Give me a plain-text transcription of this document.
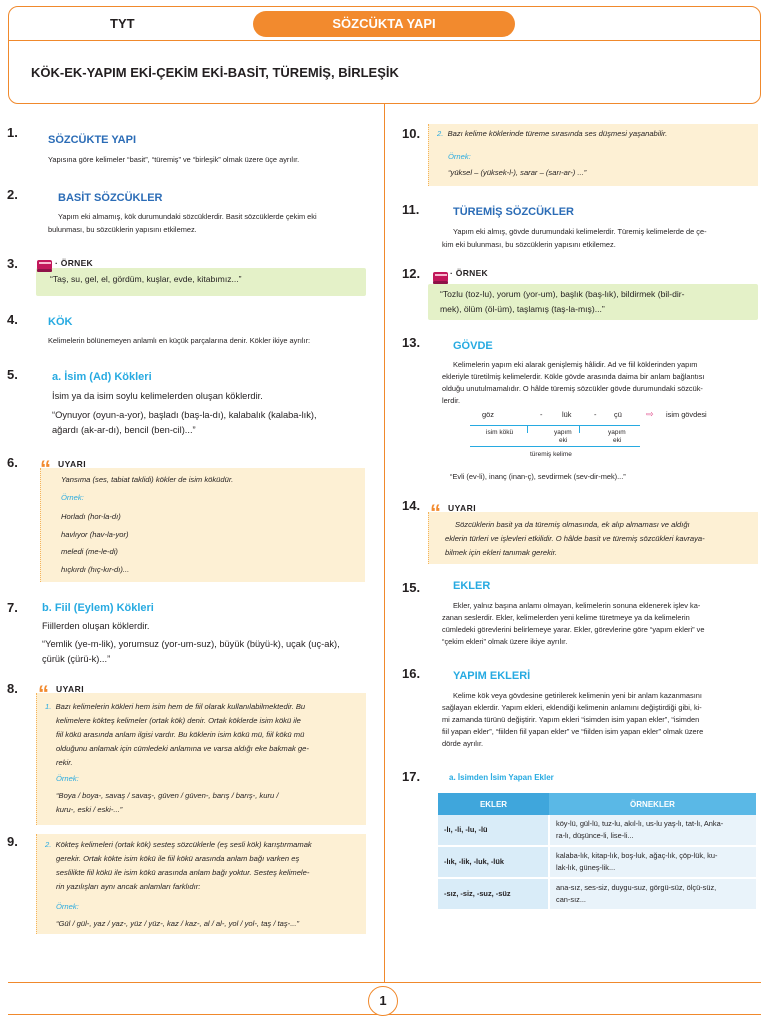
TYT	SÖZCÜKTA YAPI
KÖK-EK-YAPIM EKİ-ÇEKİM EKİ-BASİT, TÜREMİŞ, BİRLEŞİK
1.	SÖZCÜKTE YAPI
Yapısına göre kelimeler “basit”, “türemiş” ve “birleşik” olmak üzere üçe ayrılır.
2.	BASİT SÖZCÜKLER
Yapım eki almamış, kök durumundaki sözcüklerdir. Basit sözcüklerde çekim eki
bulunması, bu sözcüklerin yapısını etkilemez.
3.
“Taş, su, gel, el, gördüm, kuşlar, evde, kitabımız...”
· ÖRNEK
4.	KÖK
Kelimelerin bölünemeyen anlamlı en küçük parçalarına denir. Kökler ikiye ayrılır:
5.	a. İsim (Ad) Kökleri
İsim ya da isim soylu kelimelerden oluşan köklerdir.
“Oynuyor (oyun-a-yor), başladı (baş-la-dı), kalabalık (kalaba-lık),
ağardı (ak-ar-dı), bencil (ben-cil)...”
6.
Yansıma (ses, tabiat taklidi) kökler de isim köküdür.
Örnek:
Horladı (hor-la-dı)
havlıyor (hav-la-yor)
meledi (me-le-di)
hıçkırdı (hıç-kır-dı)...
“ UYARI
7. b. Fiil (Eylem) Kökleri
Fiillerden oluşan köklerdir.
“Yemlik (ye-m-lik), yorumsuz (yor-um-suz), büyük (büyü-k), uçak (uç-ak),
çürük (çürü-k)...”
8.
1. Bazı kelimelerin kökleri hem isim hem de fiil olarak kullanılabilmektedir. Bu
kelimelere kökteş kelimeler (ortak kök) denir. Ortak köklerde isim kökü ile
fiil kökü arasında anlam ilgisi vardır. Bu köklerin isim kökü mü, fiil kökü mü
olduğunu anlamak için cümledeki anlamına ve varsa aldığı eke bakmak ge-
rekir.
Örnek:
“Boya / boya-, savaş / savaş-, güven / güven-, barış / barış-, kuru /
kuru-, eski / eski-...”
“ UYARI
9.	2. Köktеş kelimeleri (ortak kök) sesteş sözcüklerle (eş sesli kök) karıştırmamak
gerekir. Ortak kökte isim kökü ile fiil kökü arasında anlam bağı varken eş
seslilikte fiil kökü ile isim kökü arasında anlam bağı yoktur. Sesteş kelimele-
rin yazılışları aynı ancak anlamları farklıdır:
Örnek:
“Gül / gül-, yaz / yaz-, yüz / yüz-, kaz / kaz-, al / al-, yol / yol-, taş / taş-...”
10. 2. Bazı kelime köklerinde türeme sırasında ses düşmesi yaşanabilir.
Örnek:
“yüksel – (yüksek-l-), sarar – (sarı-ar-) ...”
11.	TÜREMİŞ SÖZCÜKLER
Yapım eki almış, gövde durumundaki kelimelerdir. Türemiş kelimelerde de çe-
kim eki bulunması, bu sözcüklerin yapısını etkilemez.
12.
“Tozlu (toz-lu), yorum (yor-um), başlık (baş-lık), bildirmek (bil-dir-
mek), ölüm (öl-üm), taşlamış (taş-la-mış)...”
· ÖRNEK
13.	GÖVDE
Kelimelerin yapım eki alarak genişlemiş hâlidir. Ad ve fiil köklerinden yapım
ekleriyle türetilmiş kelimelerdir. Kökle gövde arasında daima bir anlam bağlantısı
olduğu unutulmamalıdır. O hâlde türemiş sözcükler gövde durumundaki sözcük-
lerdir.
göz	-	lük	- çü	⇨ isim gövdesi
isim kökü	yapım
eki
yapım
eki
türemiş kelime
“Evli (ev-li), inanç (inan-ç), sevdirmek (sev-dir-mek)...”
14.
Sözcüklerin basit ya da türemiş olmasında, ek alıp almaması ve aldığı
eklerin türleri ve işlevleri etkilidir. O hâlde basit ve türemiş sözcükleri kavraya-
bilmek için ekleri tanımak gerekir.
“ UYARI
15.	EKLER
Ekler, yalnız başına anlamı olmayan, kelimelerin sonuna eklenerek işlev ka-
zanan seslerdir. Ekler, kelimelerden yeni kelime türetmeye ya da kelimelerin
cümledeki görevlerini belirlemeye yarar. Ekler, görevlerine göre “yapım ekleri” ve
“çekim ekleri” olmak üzere ikiye ayrılır.
16.	YAPIM EKLERİ
Kelime kök veya gövdesine getirilerek kelimenin yeni bir anlam kazanmasını
sağlayan eklerdir. Yapım ekleri, eklendiği kelimenin anlamını değiştirdiği gibi, ki-
mi zamanda türünü değiştirir. Yapım ekleri “isimden isim yapan ekler”, “isimden
fiil yapan ekler”, “fiilden fiil yapan ekler” ve “fiilden isim yapan ekler” olmak üzere
dörde ayrılır.
17.	a. İsimden İsim Yapan Ekler
EKLER	ÖRNEKLER
-lı, -li, -lu, -lü	köy-lü, gül-lü, tuz-lu, akıl-lı, us-lu yaş-lı, tat-lı, Anka-
ra-lı, düşünce-li, lise-li...

-lık, -lik, -luk, -lük	kalaba-lık, kitap-lık, boş-luk, ağaç-lık, çöp-lük, ku-
lak-lık, güneş-lik...

-sız, -siz, -suz, -süz	ana-sız, ses-siz, duygu-suz, görgü-süz, ölçü-süz,
can-sız...
1
